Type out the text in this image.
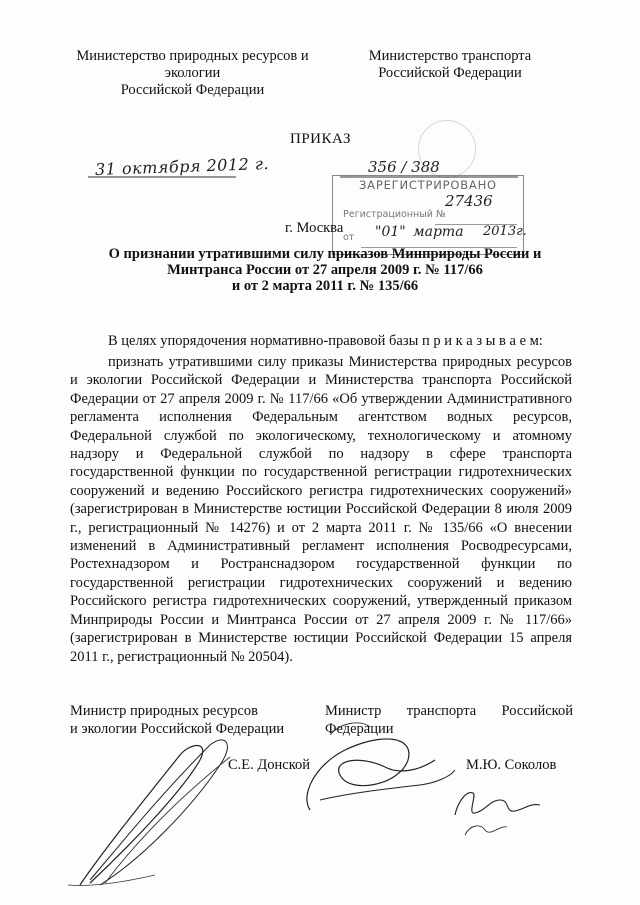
Министерство природных ресурсов и
экологии
Российской Федерации
Министерство транспорта
Российской Федерации
ПРИКАЗ
31 октября 2012 г.	356 / 388
ЗАРЕГИСТРИРОВАНО
Регистрационный №
27436
от "01" марта 2013г.
г. Москва
О признании утратившими силу приказов Минприроды России и
Минтранса России от 27 апреля 2009 г. № 117/66
и от 2 марта 2011 г. № 135/66
В целях упорядочения нормативно-правовой базы п р и к а з ы в а е м:

признать утратившими силу приказы Министерства природных ресурсов и экологии Российской Федерации и Министерства транспорта Российской Федерации от 27 апреля 2009 г. № 117/66 «Об утверждении Административного регламента исполнения Федеральным агентством водных ресурсов, Федеральной службой по экологическому, технологическому и атомному надзору и Федеральной службой по надзору в сфере транспорта государственной функции по государственной регистрации гидротехнических сооружений и ведению Российского регистра гидротехнических сооружений» (зарегистрирован в Министерстве юстиции Российской Федерации 8 июля 2009 г., регистрационный № 14276) и от 2 марта 2011 г. № 135/66 «О внесении изменений в Административный регламент исполнения Росводресурсами, Ростехнадзором и Ространснадзором государственной функции по государственной регистрации гидротехнических сооружений и ведению Российского регистра гидротехнических сооружений, утвержденный приказом Минприроды России и Минтранса России от 27 апреля 2009 г. № 117/66» (зарегистрирован в Министерстве юстиции Российской Федерации 15 апреля 2011 г., регистрационный № 20504).

Министр природных ресурсов
и экологии Российской Федерации
Министр транспорта Российской
Федерации
С.Е. Донской	М.Ю. Соколов
